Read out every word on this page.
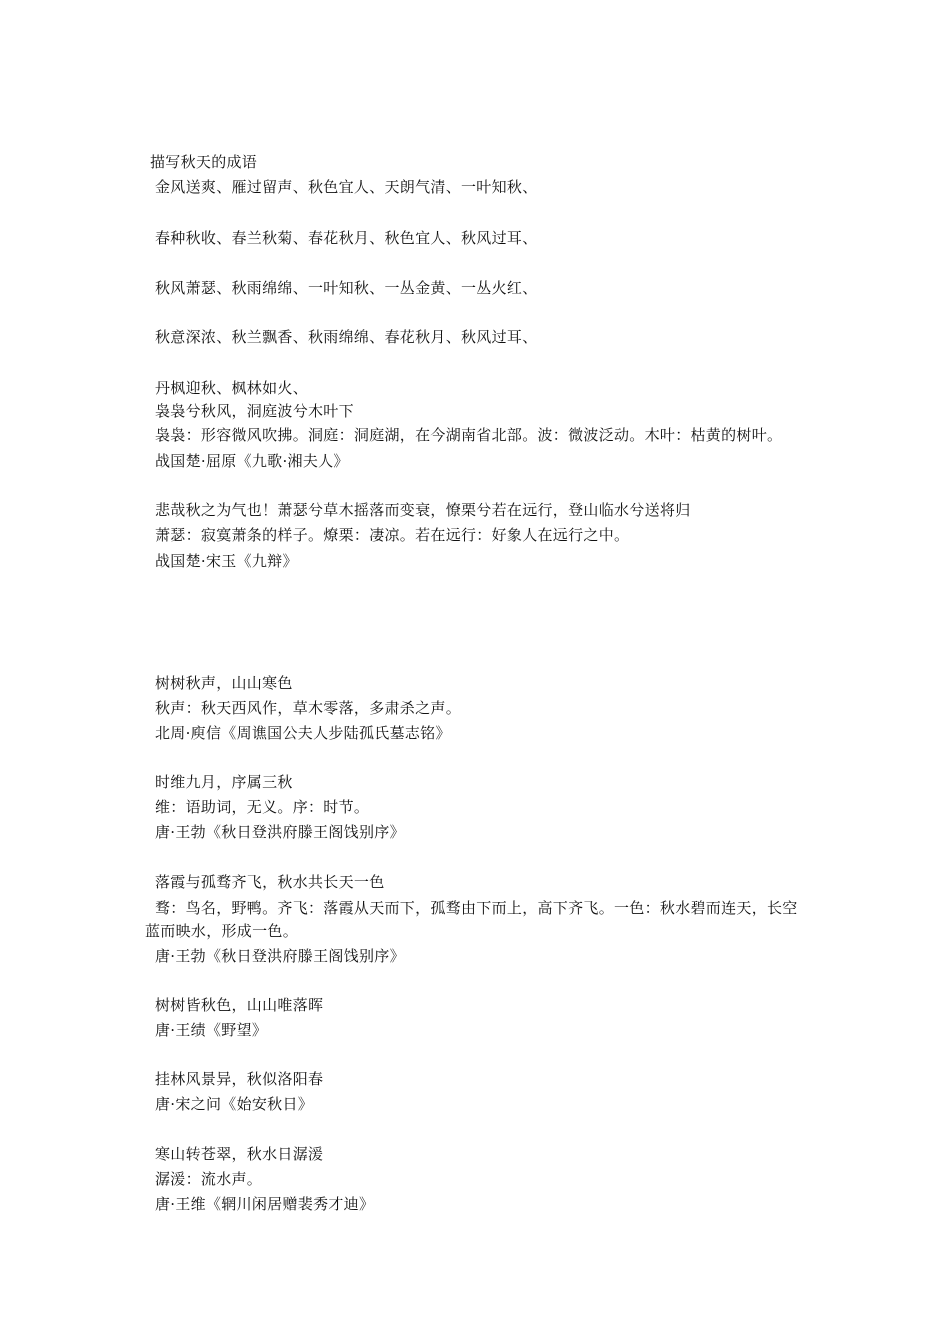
描写秋天的成语
金风送爽、雁过留声、秋色宜人、天朗气清、一叶知秋、
春种秋收、春兰秋菊、春花秋月、秋色宜人、秋风过耳、
秋风萧瑟、秋雨绵绵、一叶知秋、一丛金黄、一丛火红、
秋意深浓、秋兰飘香、秋雨绵绵、春花秋月、秋风过耳、
丹枫迎秋、枫林如火、
袅袅兮秋风，洞庭波兮木叶下
袅袅：形容微风吹拂。洞庭：洞庭湖，在今湖南省北部。波：微波泛动。木叶：枯黄的树叶。
战国楚·屈原《九歌·湘夫人》
悲哉秋之为气也！萧瑟兮草木摇落而变衰，憭栗兮若在远行，登山临水兮送将归
萧瑟：寂寞萧条的样子。燎栗：凄凉。若在远行：好象人在远行之中。
战国楚·宋玉《九辩》
树树秋声，山山寒色
秋声：秋天西风作，草木零落，多肃杀之声。
北周·庾信《周谯国公夫人步陆孤氏墓志铭》
时维九月，序属三秋
维：语助词，无义。序：时节。
唐·王勃《秋日登洪府滕王阁饯别序》
落霞与孤骛齐飞，秋水共长天一色
骛：鸟名，野鸭。齐飞：落霞从天而下，孤骛由下而上，高下齐飞。一色：秋水碧而连天，长空
蓝而映水，形成一色。
唐·王勃《秋日登洪府滕王阁饯别序》
树树皆秋色，山山唯落晖
唐·王绩《野望》
挂林风景异，秋似洛阳春
唐·宋之问《始安秋日》
寒山转苍翠，秋水日潺湲
潺湲：流水声。
唐·王维《辋川闲居赠裴秀才迪》
